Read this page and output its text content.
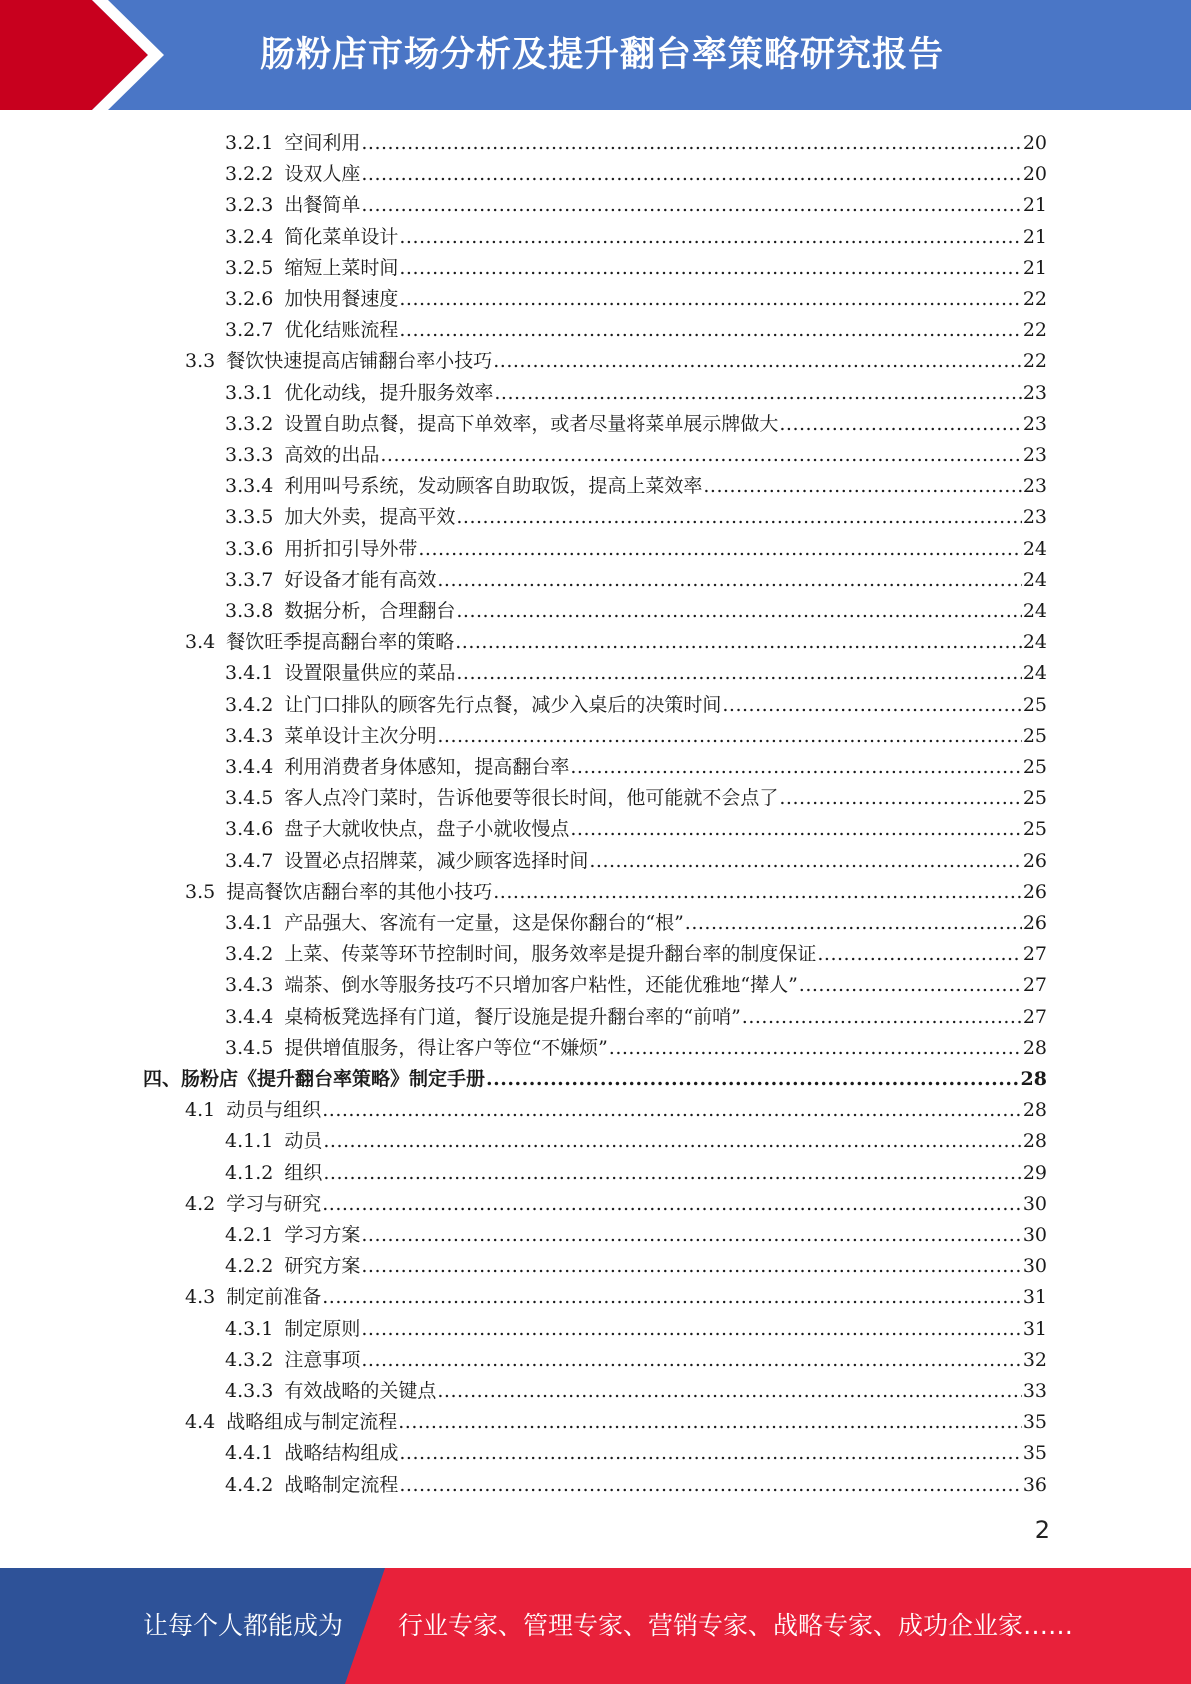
肠粉店市场分析及提升翻台率策略研究报告
3.2.1 空间利用 .....	20
3.2.2 设双人座 .....	20
3.2.3 出餐简单 .....	21
3.2.4 简化菜单设计 .....	21
3.2.5 缩短上菜时间 .....	21
3.2.6 加快用餐速度 .....	22
3.2.7 优化结账流程 .....	22
3.3 餐饮快速提高店铺翻台率小技巧 .....	22
3.3.1 优化动线，提升服务效率 .....	23
3.3.2 设置自助点餐，提高下单效率，或者尽量将菜单展示牌做大 .....	23
3.3.3 高效的出品 .....	23
3.3.4 利用叫号系统，发动顾客自助取饭，提高上菜效率 .....	23
3.3.5 加大外卖，提高平效 .....	23
3.3.6 用折扣引导外带 .....	24
3.3.7 好设备才能有高效 .....	24
3.3.8 数据分析，合理翻台 .....	24
3.4 餐饮旺季提高翻台率的策略 .....	24
3.4.1 设置限量供应的菜品 .....	24
3.4.2 让门口排队的顾客先行点餐，减少入桌后的决策时间 .....	25
3.4.3 菜单设计主次分明 .....	25
3.4.4 利用消费者身体感知，提高翻台率 .....	25
3.4.5 客人点冷门菜时，告诉他要等很长时间，他可能就不会点了 .....	25
3.4.6 盘子大就收快点，盘子小就收慢点 .....	25
3.4.7 设置必点招牌菜，减少顾客选择时间 .....	26
3.5 提高餐饮店翻台率的其他小技巧 .....	26
3.4.1 产品强大、客流有一定量，这是保你翻台的“根” .....	26
3.4.2 上菜、传菜等环节控制时间，服务效率是提升翻台率的制度保证 .....	27
3.4.3 端茶、倒水等服务技巧不只增加客户粘性，还能优雅地“撵人” .....	27
3.4.4 桌椅板凳选择有门道，餐厅设施是提升翻台率的“前哨” .....	27
3.4.5 提供增值服务，得让客户等位“不嫌烦” .....	28
四、 肠粉店《提升翻台率策略》制定手册 .....	28
4.1 动员与组织 .....	28
4.1.1 动员 .....	28
4.1.2 组织 .....	29
4.2 学习与研究 .....	30
4.2.1 学习方案 .....	30
4.2.2 研究方案 .....	30
4.3 制定前准备 .....	31
4.3.1 制定原则 .....	31
4.3.2 注意事项 .....	32
4.3.3 有效战略的关键点 .....	33
4.4 战略组成与制定流程 .....	35
4.4.1 战略结构组成 .....	35
4.4.2 战略制定流程 .....	36
2
让每个人都能成为 行业专家、管理专家、营销专家、战略专家、成功企业家……
